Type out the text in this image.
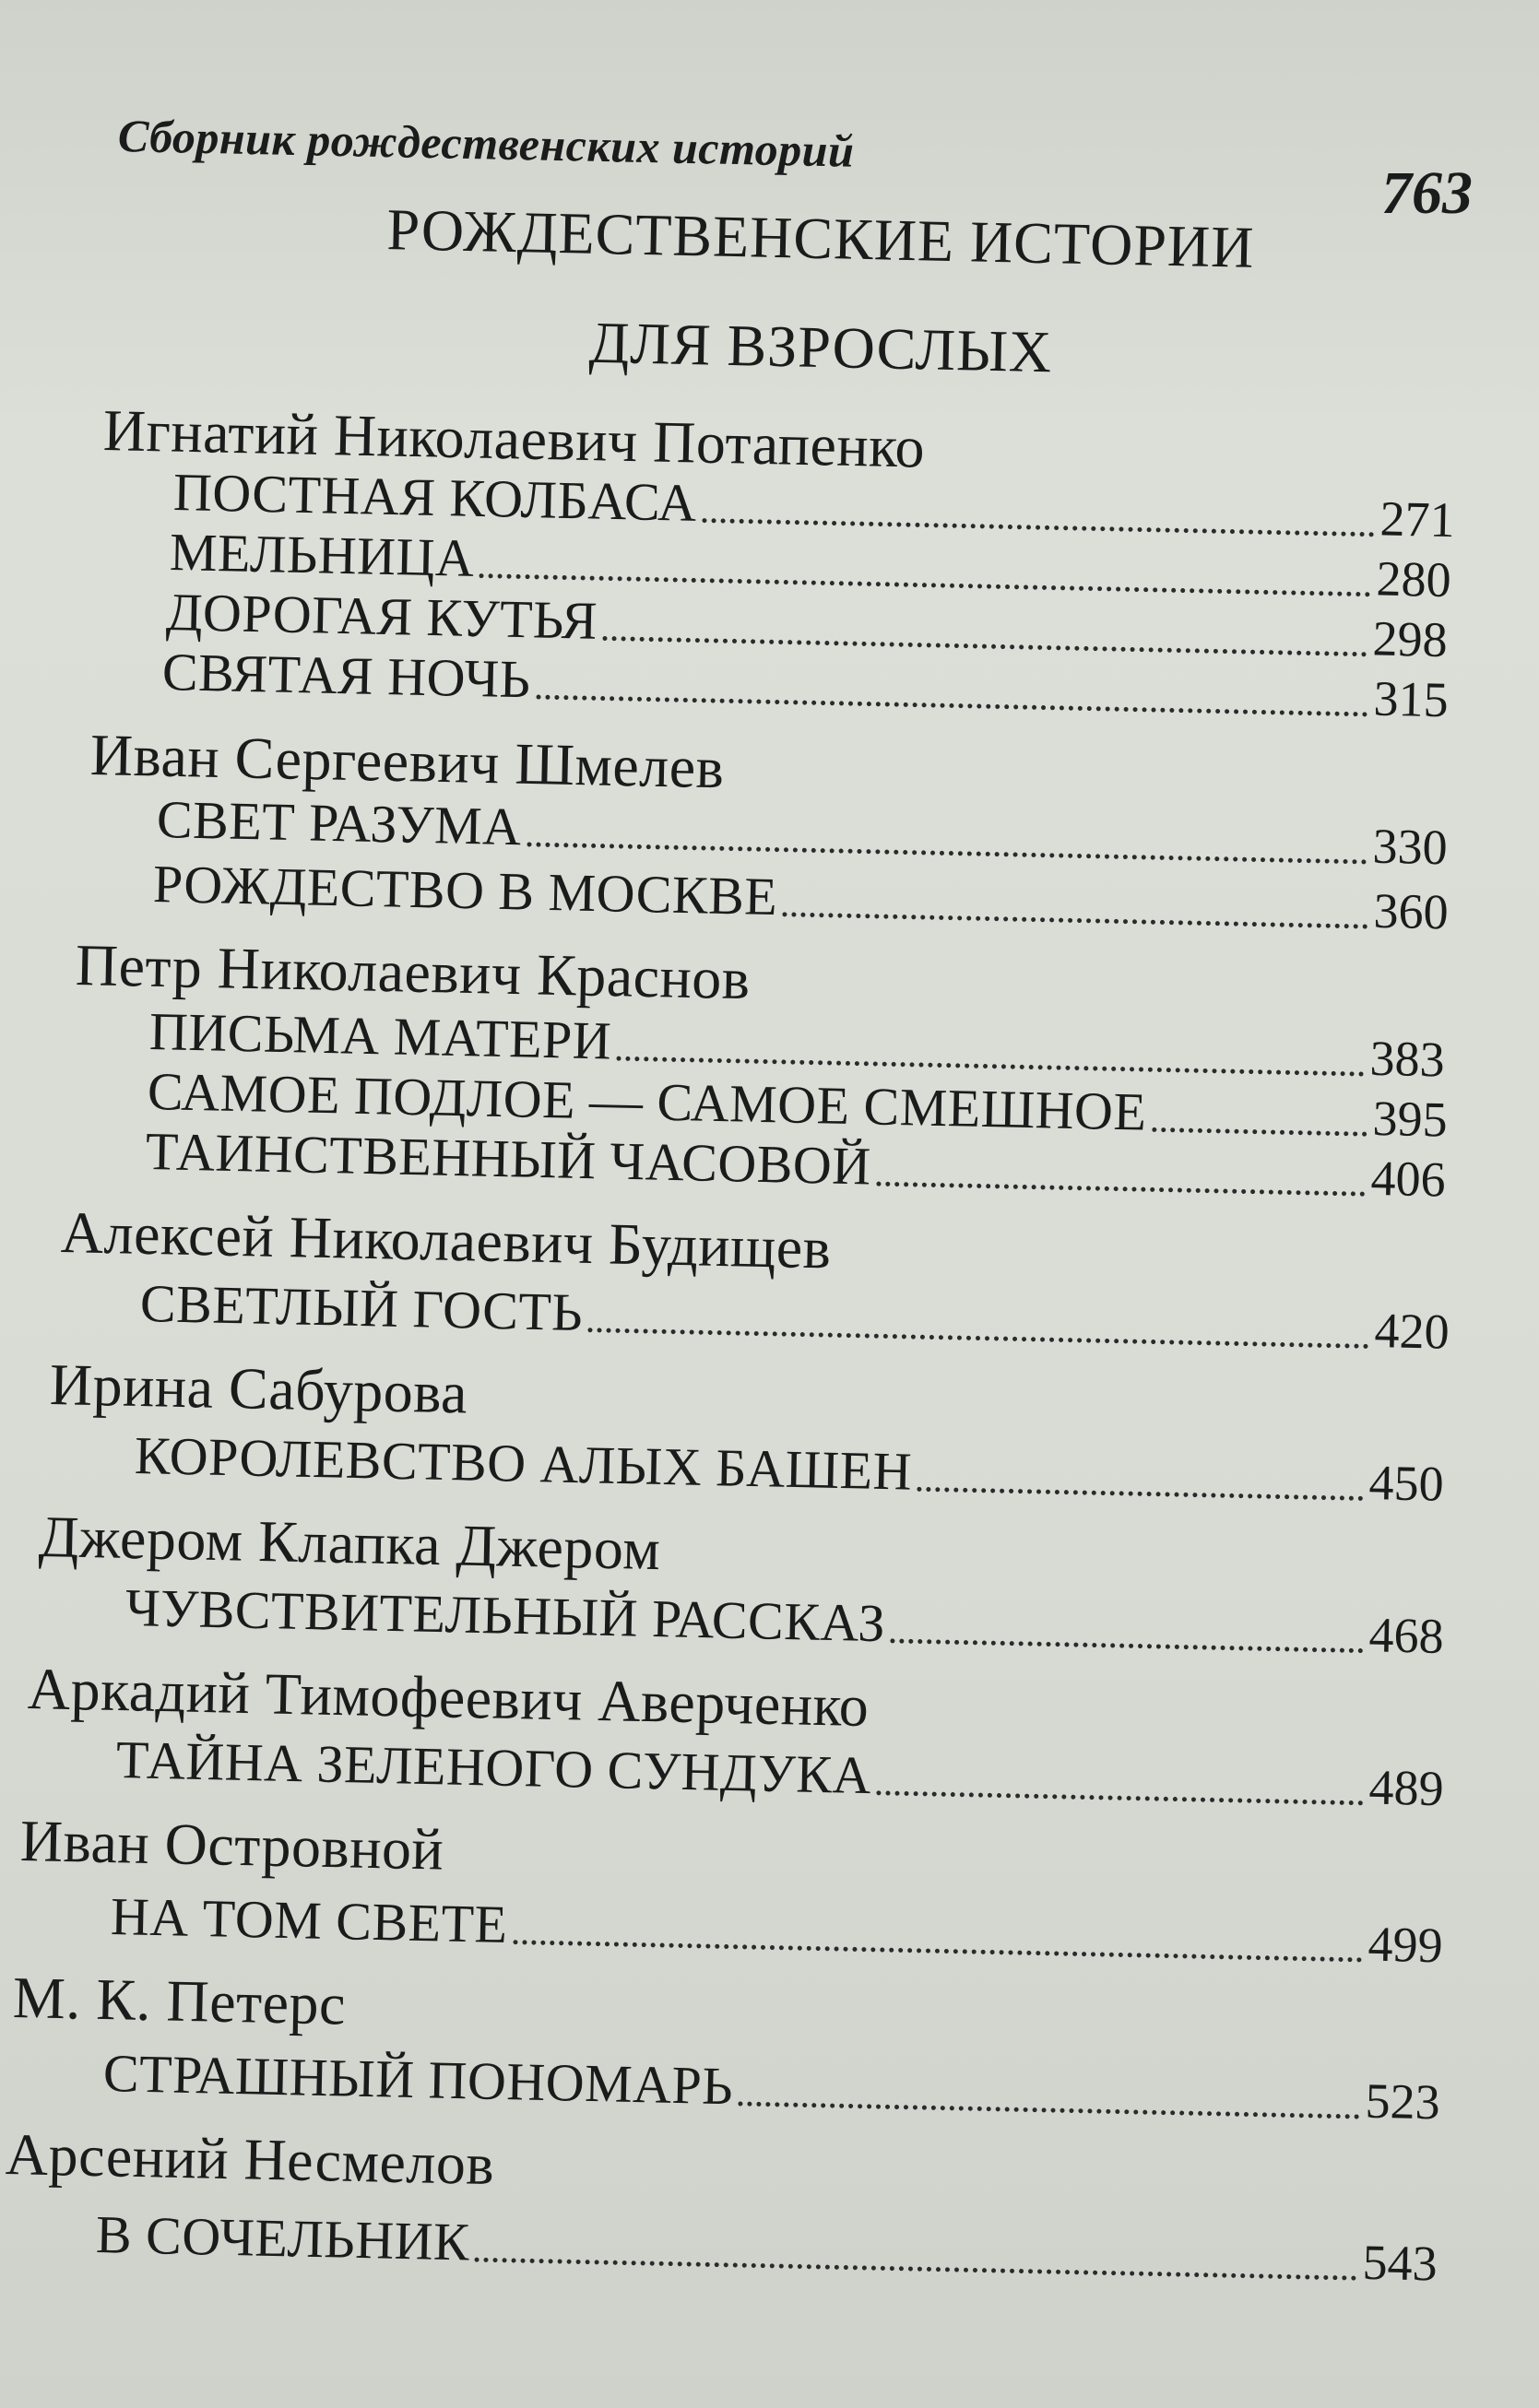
Сборник рождественских историй
763
РОЖДЕСТВЕНСКИЕ ИСТОРИИ
ДЛЯ ВЗРОСЛЫХ
Игнатий Николаевич Потапенко
ПОСТНАЯ КОЛБАСА	271
МЕЛЬНИЦА	280
ДОРОГАЯ КУТЬЯ	298
СВЯТАЯ НОЧЬ	315
Иван Сергеевич Шмелев
СВЕТ РАЗУМА	330
РОЖДЕСТВО В МОСКВЕ	360
Петр Николаевич Краснов
ПИСЬМА МАТЕРИ	383
САМОЕ ПОДЛОЕ — САМОЕ СМЕШНОЕ	395
ТАИНСТВЕННЫЙ ЧАСОВОЙ	406
Алексей Николаевич Будищев
СВЕТЛЫЙ ГОСТЬ	420
Ирина Сабурова
КОРОЛЕВСТВО АЛЫХ БАШЕН	450
Джером Клапка Джером
ЧУВСТВИТЕЛЬНЫЙ РАССКАЗ	468
Аркадий Тимофеевич Аверченко
ТАЙНА ЗЕЛЕНОГО СУНДУКА	489
Иван Островной
НА ТОМ СВЕТЕ	499
М. К. Петерс
СТРАШНЫЙ ПОНОМАРЬ	523
Арсений Несмелов
В СОЧЕЛЬНИК	543
